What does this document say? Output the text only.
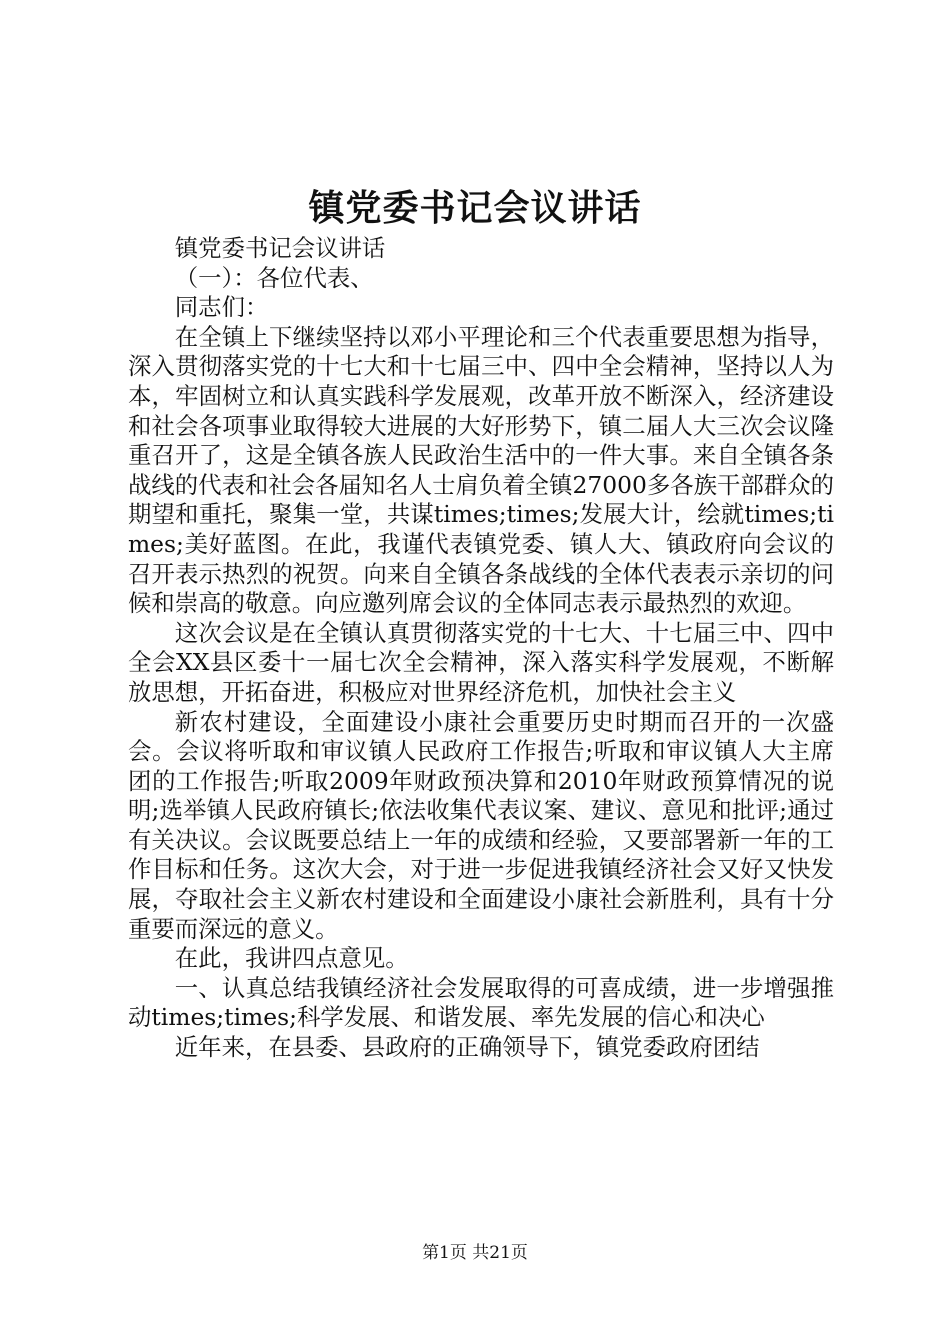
镇党委书记会议讲话

镇党委书记会议讲话

（一）：各位代表、

同志们：

在全镇上下继续坚持以邓小平理论和三个代表重要思想为指导，深入贯彻落实党的十七大和十七届三中、四中全会精神，坚持以人为本，牢固树立和认真实践科学发展观，改革开放不断深入，经济建设和社会各项事业取得较大进展的大好形势下，镇二届人大三次会议隆重召开了，这是全镇各族人民政治生活中的一件大事。来自全镇各条战线的代表和社会各届知名人士肩负着全镇27000多各族干部群众的期望和重托，聚集一堂，共谋times;times;发展大计，绘就times;times;美好蓝图。在此，我谨代表镇党委、镇人大、镇政府向会议的召开表示热烈的祝贺。向来自全镇各条战线的全体代表表示亲切的问候和崇高的敬意。向应邀列席会议的全体同志表示最热烈的欢迎。

这次会议是在全镇认真贯彻落实党的十七大、十七届三中、四中全会XX县区委十一届七次全会精神，深入落实科学发展观，不断解放思想，开拓奋进，积极应对世界经济危机，加快社会主义

新农村建设，全面建设小康社会重要历史时期而召开的一次盛会。会议将听取和审议镇人民政府工作报告;听取和审议镇人大主席团的工作报告;听取2009年财政预决算和2010年财政预算情况的说明;选举镇人民政府镇长;依法收集代表议案、建议、意见和批评;通过有关决议。会议既要总结上一年的成绩和经验，又要部署新一年的工作目标和任务。这次大会，对于进一步促进我镇经济社会又好又快发展，夺取社会主义新农村建设和全面建设小康社会新胜利，具有十分重要而深远的意义。

在此，我讲四点意见。

一、认真总结我镇经济社会发展取得的可喜成绩，进一步增强推动times;times;科学发展、和谐发展、率先发展的信心和决心

近年来，在县委、县政府的正确领导下，镇党委政府团结

第1页 共21页
